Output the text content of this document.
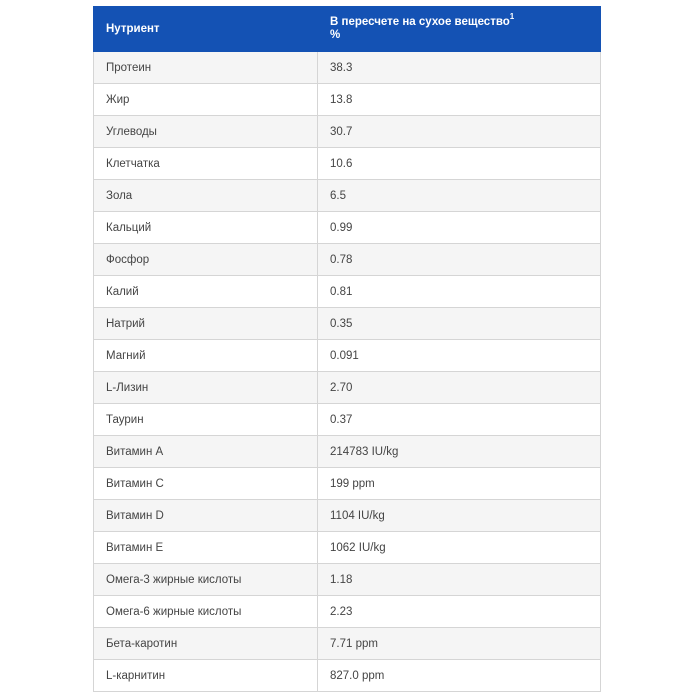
Нутриент	В пересчете на сухое вещество$^1$
%
Протеин	38.3
Жир	13.8
Углеводы	30.7
Клетчатка	10.6
Зола	6.5
Кальций	0.99
Фосфор	0.78
Калий	0.81
Натрий	0.35
Магний	0.091
L-Лизин	2.70
Таурин	0.37
Витамин А	214783 IU/kg
Витамин С	199 ppm
Витамин D	1104 IU/kg
Витамин E	1062 IU/kg
Омега-3 жирные кислоты	1.18
Омега-6 жирные кислоты	2.23
Бета-каротин	7.71 ppm
L-карнитин	827.0 ppm
